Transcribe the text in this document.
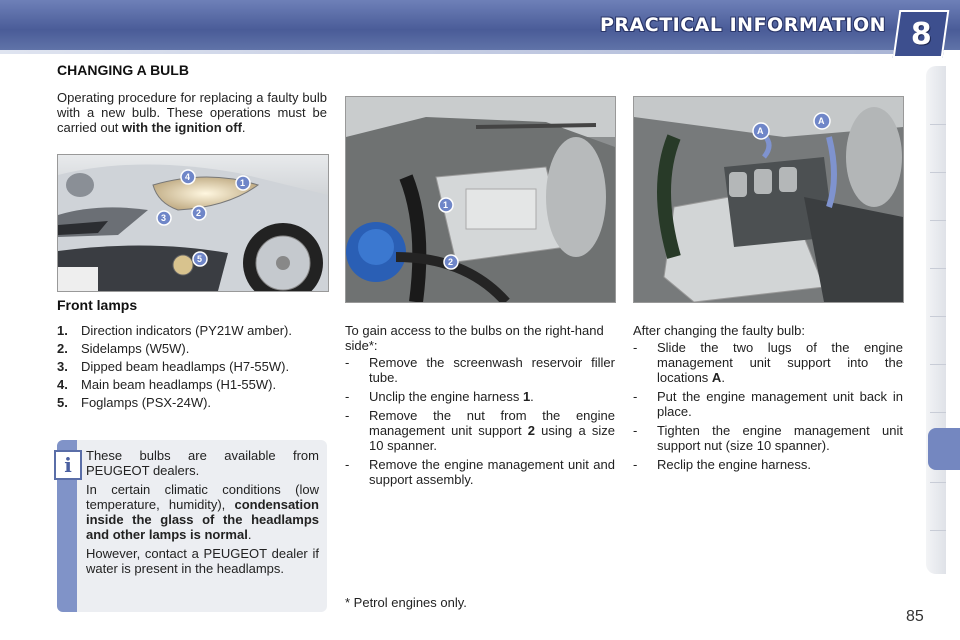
PRACTICAL INFORMATION 8
CHANGING A BULB

Operating procedure for replacing a faulty bulb with a new bulb. These operations must be carried out with the ignition off.

4
1
3	2
5
1
2
A
A
Front lamps
1. Direction indicators (PY21W amber).
2. Sidelamps (W5W).
3. Dipped beam headlamps (H7-55W).
4. Main beam headlamps (H1-55W).
5. Foglamps (PSX-24W).
i	These bulbs are available from PEUGEOT dealers.

In certain climatic conditions (low temperature, humidity), condensation inside the glass of the headlamps and other lamps is normal.

However, contact a PEUGEOT dealer if water is present in the headlamps.

To gain access to the bulbs on the right-hand side*:

- Remove the screenwash reservoir filler tube.
- Unclip the engine harness 1.
- Remove the nut from the engine management unit support 2 using a size 10 spanner.
- Remove the engine management unit and support assembly.

After changing the faulty bulb:

- Slide the two lugs of the engine management unit support into the locations A.
- Put the engine management unit back in place.
- Tighten the engine management unit support nut (size 10 spanner).
- Reclip the engine harness.
* Petrol engines only.
85
